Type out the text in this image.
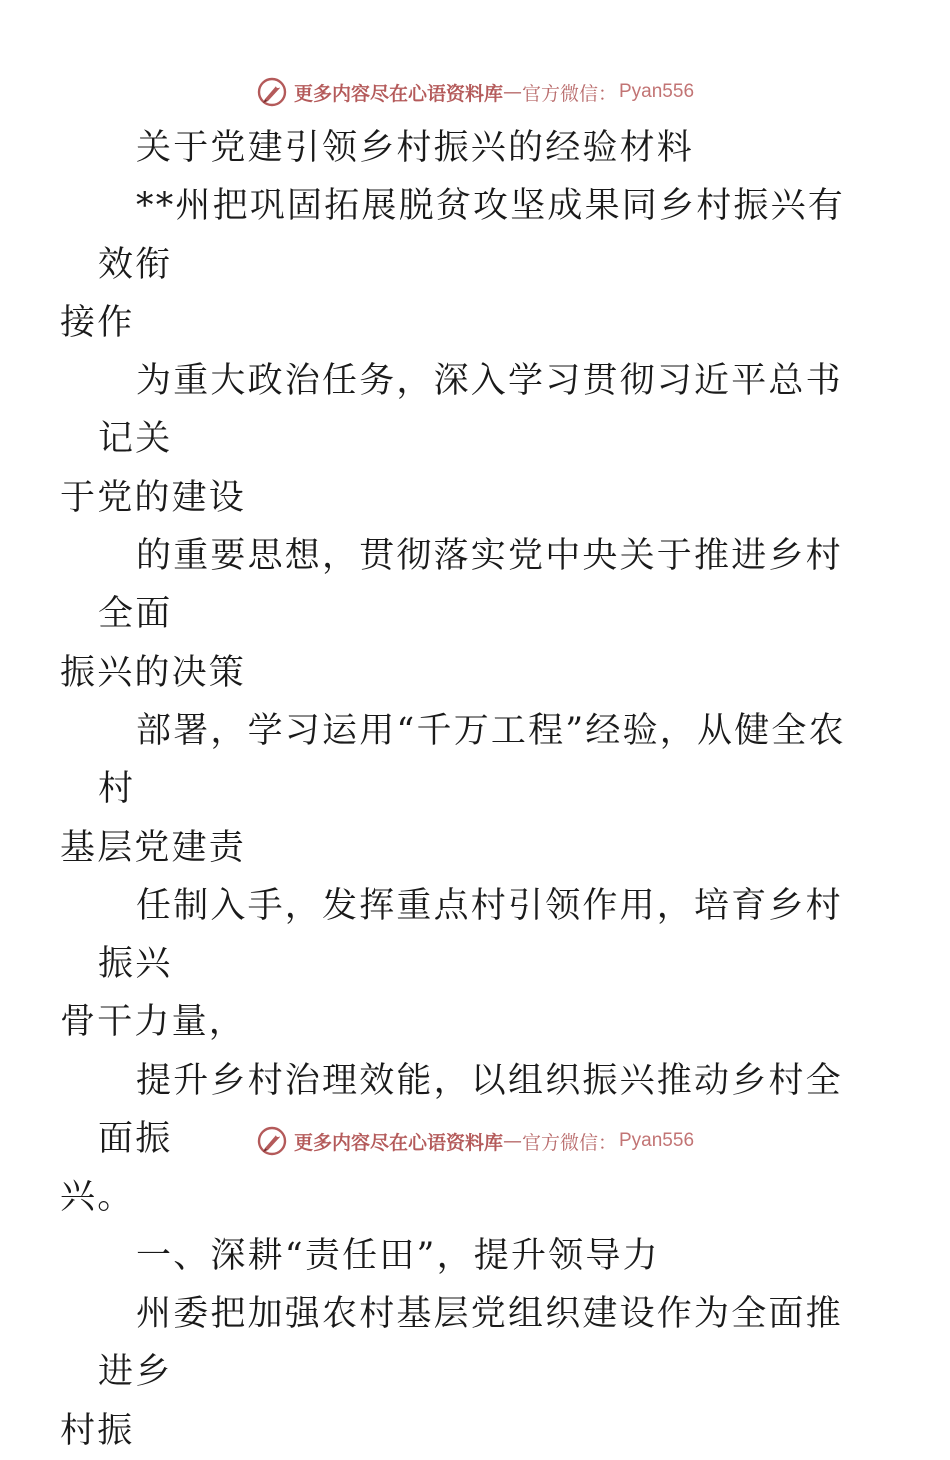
更多内容尽在心语资料库 — 官方微信： Pyan556

关于党建引领乡村振兴的经验材料

**州把巩固拓展脱贫攻坚成果同乡村振兴有效衔
接作

为重大政治任务，深入学习贯彻习近平总书记关
于党的建设

的重要思想，贯彻落实党中央关于推进乡村全面
振兴的决策

部署，学习运用“千万工程”经验，从健全农村
基层党建责

任制入手，发挥重点村引领作用，培育乡村振兴
骨干力量，

提升乡村治理效能，以组织振兴推动乡村全面振
兴。

一、深耕“责任田”，提升领导力

州委把加强农村基层党组织建设作为全面推进乡
村振

更多内容尽在心语资料库 — 官方微信： Pyan556
